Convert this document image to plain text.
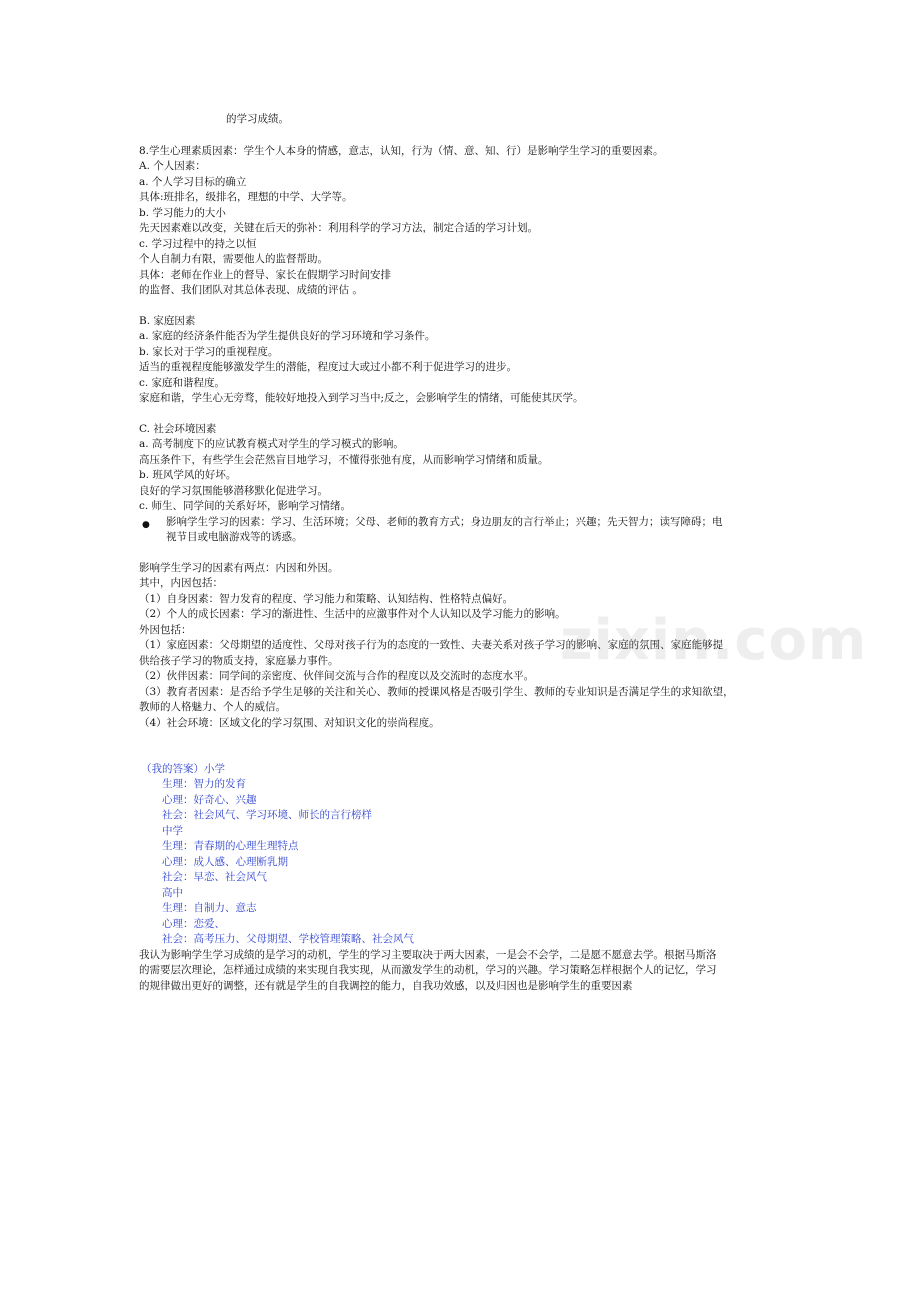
的学习成绩。
8.学生心理素质因素：学生个人本身的情感，意志，认知，行为（情、意、知、行）是影响学生学习的重要因素。
A. 个人因素：
a. 个人学习目标的确立
具体:班排名，级排名，理想的中学、大学等。
b. 学习能力的大小
先天因素难以改变，关键在后天的弥补：利用科学的学习方法，制定合适的学习计划。
c. 学习过程中的持之以恒
个人自制力有限，需要他人的监督帮助。
具体：老师在作业上的督导、家长在假期学习时间安排
的监督、我们团队对其总体表现、成绩的评估 。
B. 家庭因素
a. 家庭的经济条件能否为学生提供良好的学习环境和学习条件。
b. 家长对于学习的重视程度。
适当的重视程度能够激发学生的潜能，程度过大或过小都不利于促进学习的进步。
c. 家庭和谐程度。
家庭和谐，学生心无旁骛，能较好地投入到学习当中;反之，会影响学生的情绪，可能使其厌学。
C. 社会环境因素
a. 高考制度下的应试教育模式对学生的学习模式的影响。
高压条件下，有些学生会茫然盲目地学习，不懂得张弛有度，从而影响学习情绪和质量。
b. 班风学风的好坏。
良好的学习氛围能够潜移默化促进学习。
c. 师生、同学间的关系好坏，影响学习情绪。
● 影响学生学习的因素：学习、生活环境；父母、老师的教育方式；身边朋友的言行举止；兴趣；先天智力；读写障碍；电
视节目或电脑游戏等的诱惑。
影响学生学习的因素有两点：内因和外因。
其中，内因包括：
（1）自身因素：智力发育的程度、学习能力和策略、认知结构、性格特点偏好。
（2）个人的成长因素：学习的渐进性、生活中的应激事件对个人认知以及学习能力的影响。
外因包括：
（1）家庭因素：父母期望的适度性、父母对孩子行为的态度的一致性、夫妻关系对孩子学习的影响、家庭的氛围、家庭能够提
供给孩子学习的物质支持，家庭暴力事件。
（2）伙伴因素：同学间的亲密度、伙伴间交流与合作的程度以及交流时的态度水平。
（3）教育者因素：是否给予学生足够的关注和关心、教师的授课风格是否吸引学生、教师的专业知识是否满足学生的求知欲望，
教师的人格魅力、个人的威信。
（4）社会环境：区域文化的学习氛围、对知识文化的崇尚程度。
（我的答案）小学
生理：智力的发育
心理：好奇心、兴趣
社会：社会风气、学习环境、师长的言行榜样
中学
生理：青春期的心理生理特点
心理：成人感、心理断乳期
社会：早恋、社会风气
高中
生理：自制力、意志
心理：恋爱、
社会：高考压力、父母期望、学校管理策略、社会风气
我认为影响学生学习成绩的是学习的动机，学生的学习主要取决于两大因素，一是会不会学，二是愿不愿意去学。根据马斯洛
的需要层次理论，怎样通过成绩的来实现自我实现，从而激发学生的动机，学习的兴趣。学习策略怎样根据个人的记忆，学习
的规律做出更好的调整，还有就是学生的自我调控的能力，自我功效感，以及归因也是影响学生的重要因素
zixin.com
